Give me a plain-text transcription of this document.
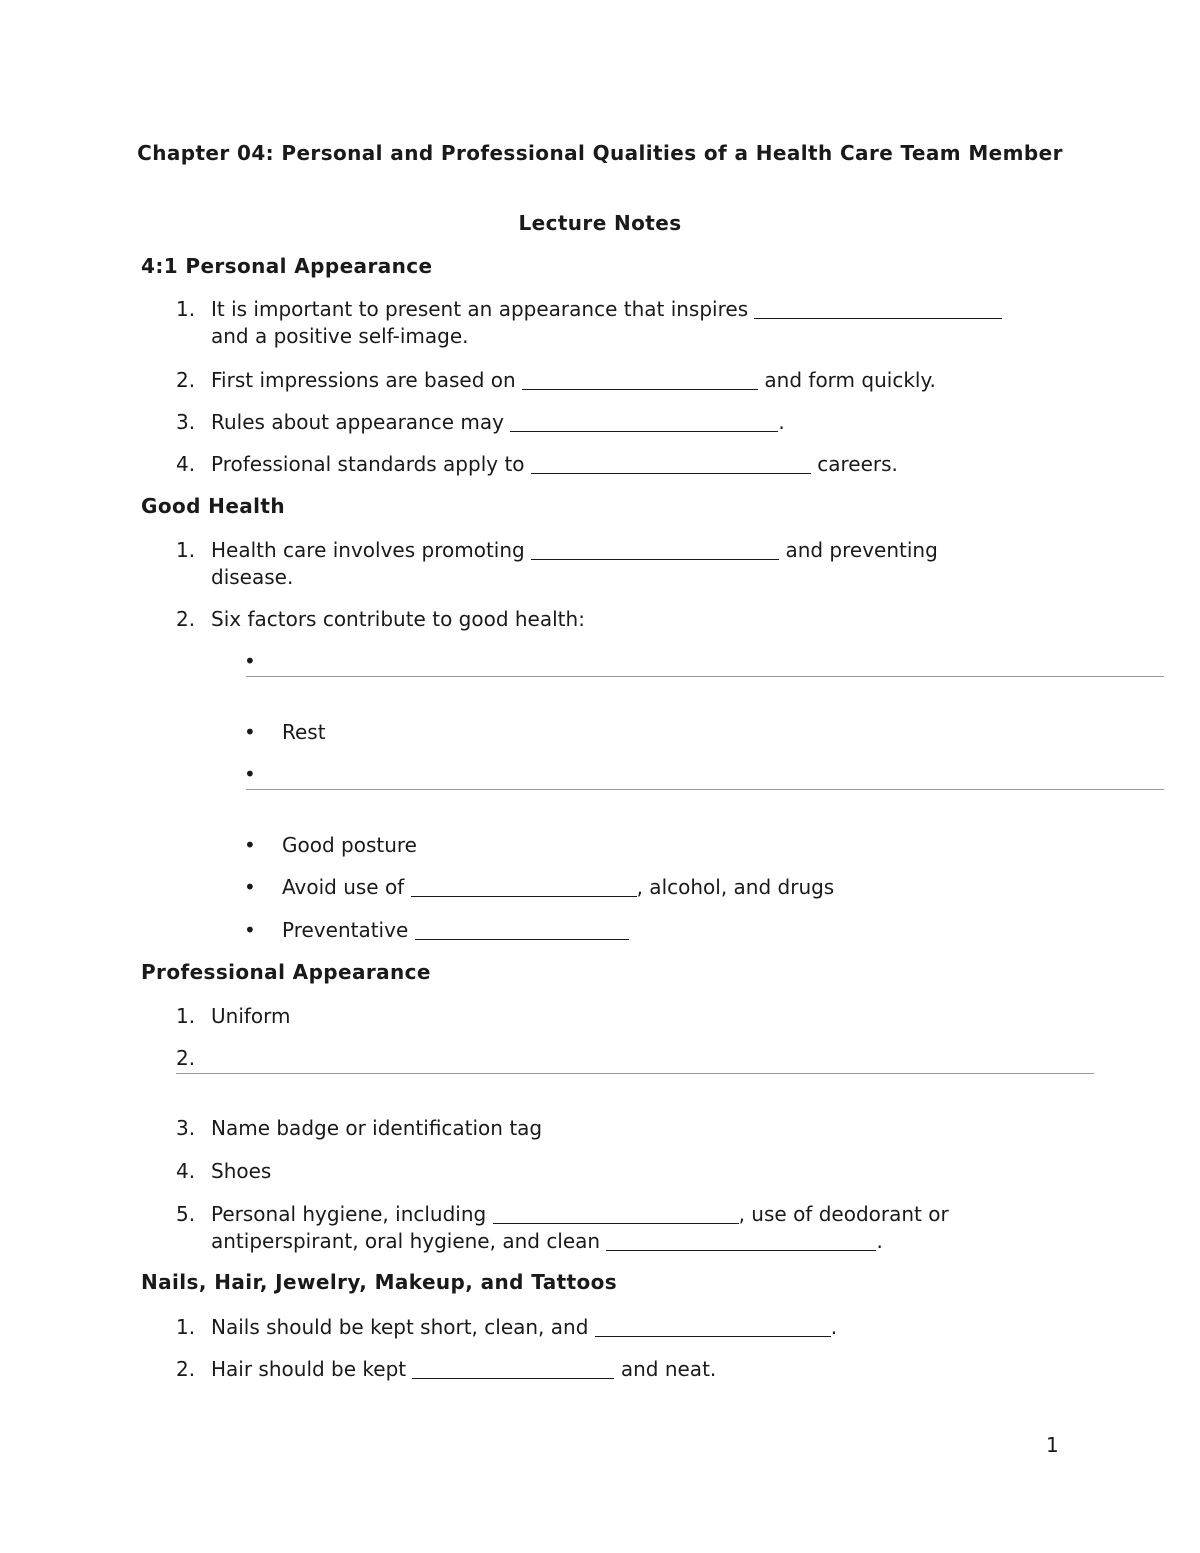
Chapter 04: Personal and Professional Qualities of a Health Care Team Member
Lecture Notes
4:1 Personal Appearance
1. It is important to present an appearance that inspires
and a positive self-image.
2. First impressions are based on	and form quickly.
3. Rules about appearance may	.
4. Professional standards apply to	careers.
Good Health
1. Health care involves promoting	and preventing
disease.
2. Six factors contribute to good health:
•
• Rest
•
• Good posture
• Avoid use of	, alcohol, and drugs
• Preventative
Professional Appearance
1. Uniform
2.
3. Name badge or identification tag
4. Shoes
5. Personal hygiene, including	, use of deodorant or
antiperspirant, oral hygiene, and clean	.
Nails, Hair, Jewelry, Makeup, and Tattoos
1. Nails should be kept short, clean, and	.
2. Hair should be kept	and neat.
1
